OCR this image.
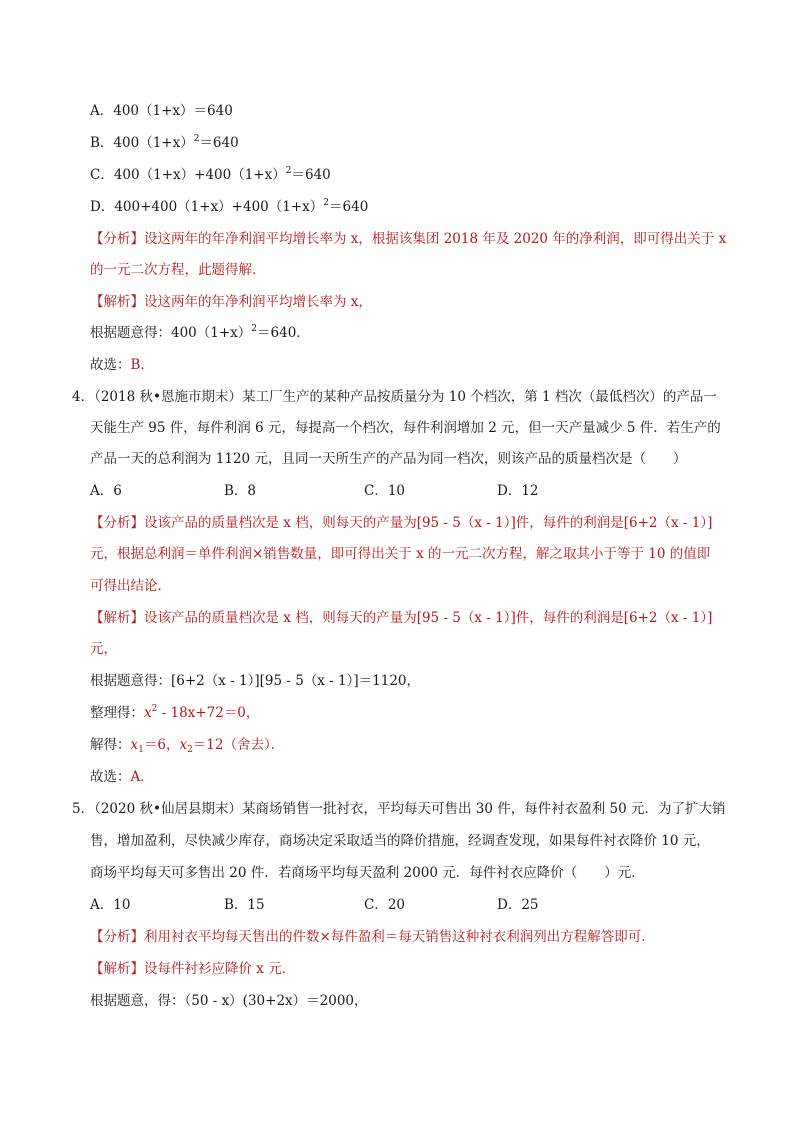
A．400（1+x）＝640
B．$400(1+x)^2=640$
C．$400(1+x)+400(1+x)^2=640$
D．$400+400(1+x)+400(1+x)^2=640$
【分析】设这两年的年净利润平均增长率为 x，根据该集团 2018 年及 2020 年的净利润，即可得出关于 x
的一元二次方程，此题得解．
【解析】设这两年的年净利润平均增长率为 x，
根据题意得：$400(1+x)^2=640$．
故选：B．
4．（2018 秋•恩施市期末）某工厂生产的某种产品按质量分为 10 个档次，第 1 档次（最低档次）的产品一
天能生产 95 件，每件利润 6 元，每提高一个档次，每件利润增加 2 元，但一天产量减少 5 件．若生产的
产品一天的总利润为 1120 元，且同一天所生产的产品为同一档次，则该产品的质量档次是（　　）
A．6	B．8	C．10	D．12
【分析】设该产品的质量档次是 x 档，则每天的产量为[95 - 5（x - 1）]件，每件的利润是[6+2（x - 1）]
元，根据总利润＝单件利润×销售数量，即可得出关于 x 的一元二次方程，解之取其小于等于 10 的值即
可得出结论．
【解析】设该产品的质量档次是 x 档，则每天的产量为[95 - 5（x - 1）]件，每件的利润是[6+2（x - 1）]
元，
根据题意得：[6+2（x - 1）][95 - 5（x - 1）]＝1120，
整理得：$x^2 - 18x+72=0$，
解得：$x_1=6$，$x_2=12$（舍去）．
故选：A．
5．（2020 秋•仙居县期末）某商场销售一批衬衣，平均每天可售出 30 件，每件衬衣盈利 50 元．为了扩大销
售，增加盈利，尽快减少库存，商场决定采取适当的降价措施，经调查发现，如果每件衬衣降价 10 元，
商场平均每天可多售出 20 件．若商场平均每天盈利 2000 元．每件衬衣应降价（　　）元．
A．10	B．15	C．20	D．25
【分析】利用衬衣平均每天售出的件数×每件盈利＝每天销售这种衬衣利润列出方程解答即可．
【解析】设每件衬衫应降价 x 元．
根据题意，得：（50 - x）(30+2x）＝2000，
